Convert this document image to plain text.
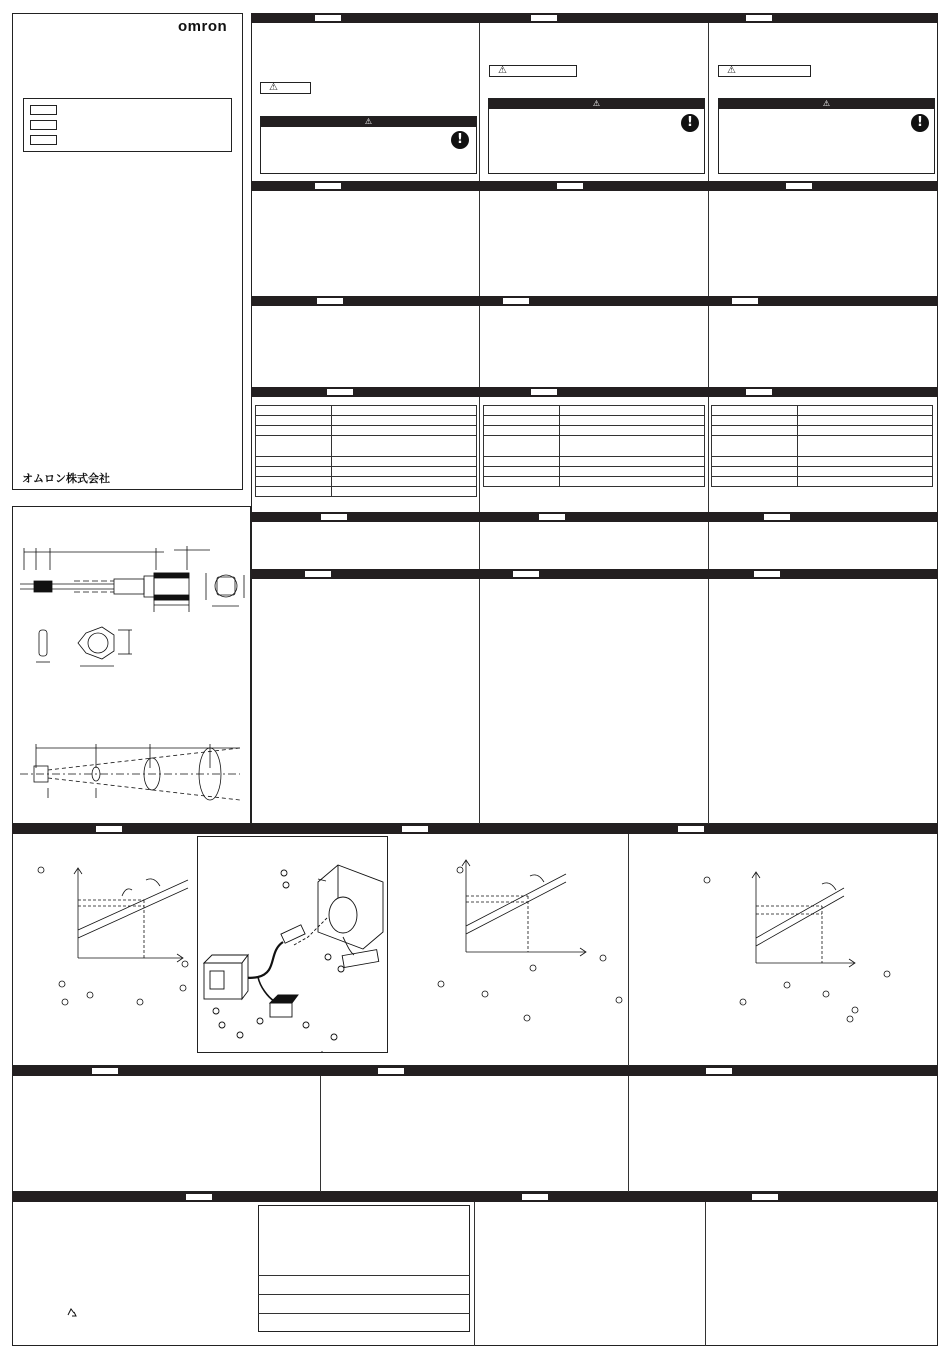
omron
オムロン株式会社
⚠
⚠
!
⚠
⚠
!
⚠
⚠
!
